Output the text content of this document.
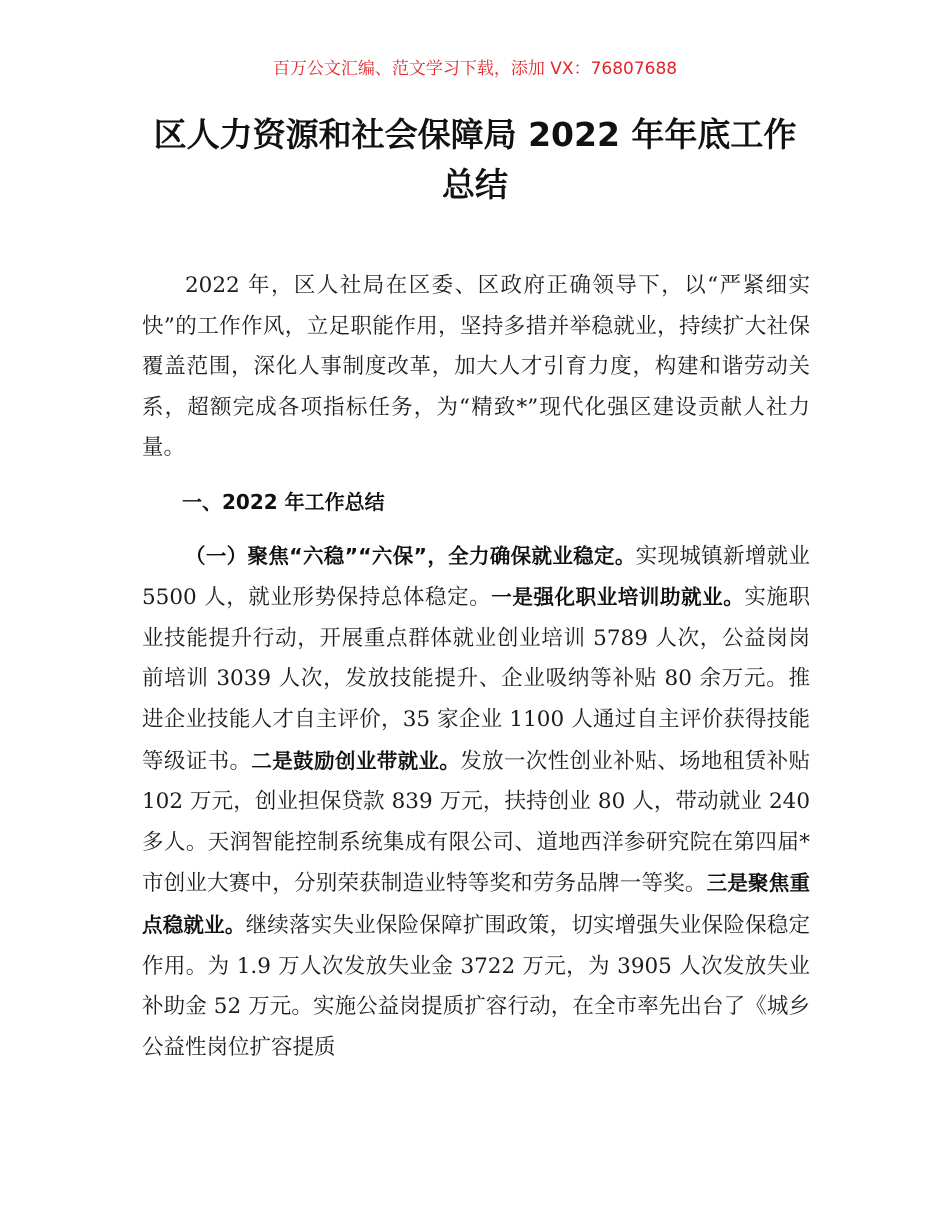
百万公文汇编、范文学习下载，添加 VX：76807688
区人力资源和社会保障局 2022 年年底工作
总结

2022 年，区人社局在区委、区政府正确领导下，以“严紧细实快”的工作作风，立足职能作用，坚持多措并举稳就业，持续扩大社保覆盖范围，深化人事制度改革，加大人才引育力度，构建和谐劳动关系，超额完成各项指标任务，为“精致*”现代化强区建设贡献人社力量。

一、2022 年工作总结

（一）聚焦“六稳”“六保”，全力确保就业稳定。实现城镇新增就业 5500 人，就业形势保持总体稳定。一是强化职业培训助就业。实施职业技能提升行动，开展重点群体就业创业培训 5789 人次，公益岗岗前培训 3039 人次，发放技能提升、企业吸纳等补贴 80 余万元。推进企业技能人才自主评价，35 家企业 1100 人通过自主评价获得技能等级证书。二是鼓励创业带就业。发放一次性创业补贴、场地租赁补贴 102 万元，创业担保贷款 839 万元，扶持创业 80 人，带动就业 240 多人。天润智能控制系统集成有限公司、道地西洋参研究院在第四届*市创业大赛中，分别荣获制造业特等奖和劳务品牌一等奖。三是聚焦重点稳就业。继续落实失业保险保障扩围政策，切实增强失业保险保稳定作用。为 1.9 万人次发放失业金 3722 万元，为 3905 人次发放失业补助金 52 万元。实施公益岗提质扩容行动，在全市率先出台了《城乡公益性岗位扩容提质
